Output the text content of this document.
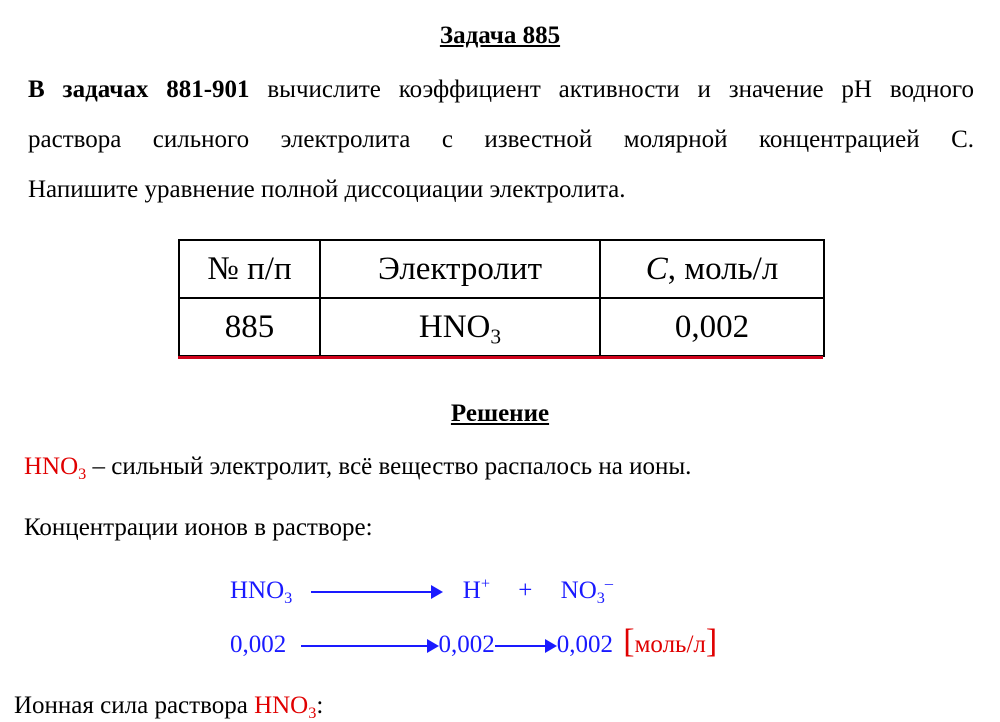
Задача 885
В задачах 881-901 вычислите коэффициент активности и значение pH водного
раствора сильного электролита с известной молярной концентрацией С.
Напишите уравнение полной диссоциации электролита.
№ п/п	Электролит	С, моль/л
885	$HNO_3$	0,002
Решение
$HNO_3$ – сильный электролит, всё вещество распалось на ионы.
Концентрации ионов в растворе:
$HNO_3$	$H^+ + NO_3^-$
0,002	0,002 0,002 [моль/л]
Ионная сила раствора $HNO_3$:
